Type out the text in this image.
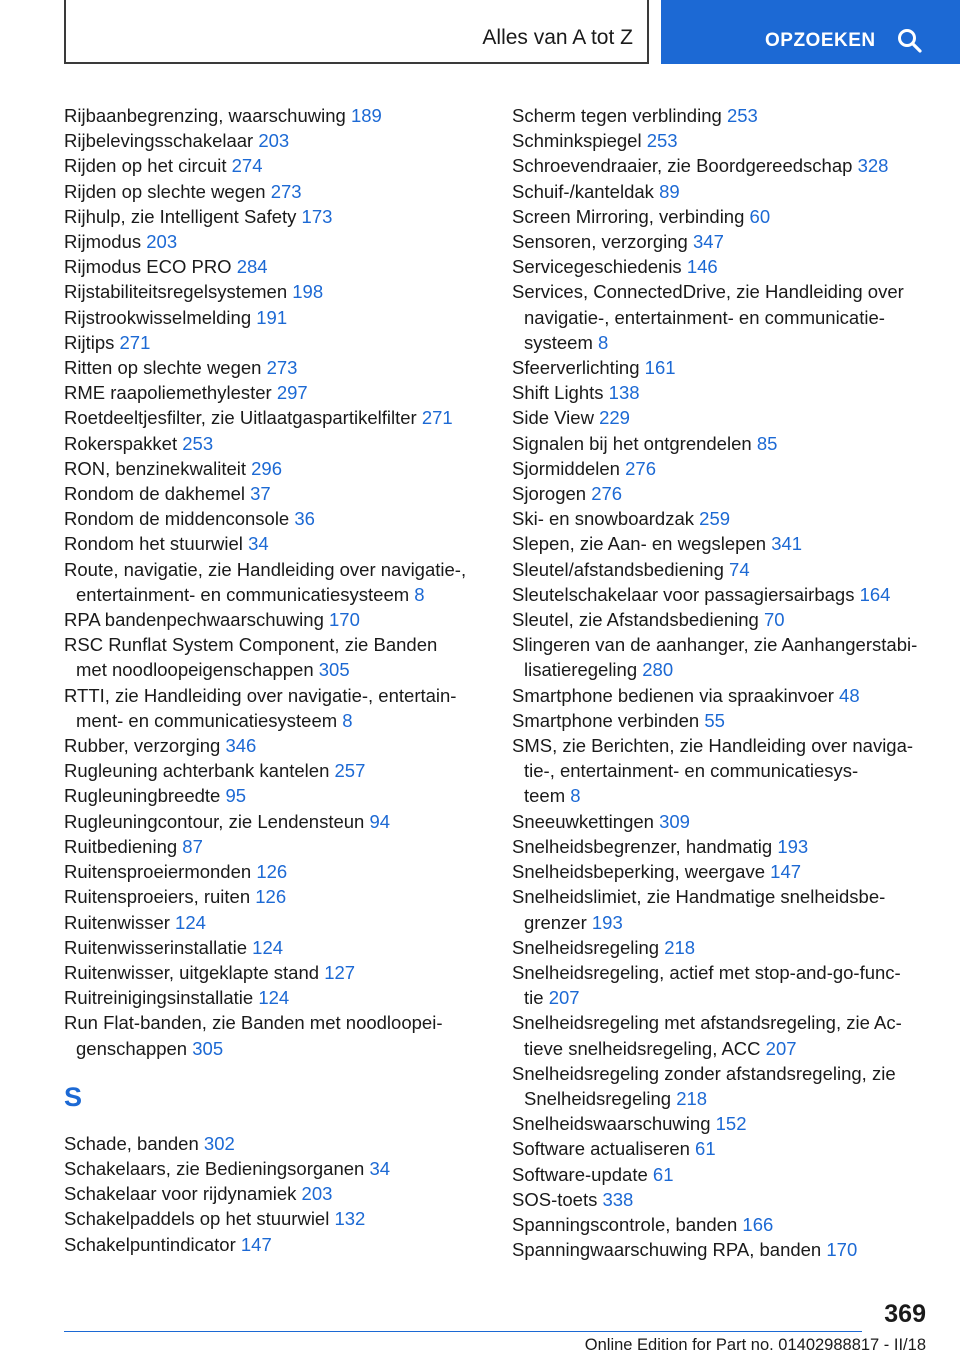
Alles van A tot Z	OPZOEKEN

Rijbaanbegrenzing, waarschuwing 189

Rijbelevingsschakelaar 203

Rijden op het circuit 274

Rijden op slechte wegen 273

Rijhulp, zie Intelligent Safety 173

Rijmodus 203

Rijmodus ECO PRO 284

Rijstabiliteitsregelsystemen 198

Rijstrookwisselmelding 191

Rijtips 271

Ritten op slechte wegen 273

RME raapoliemethylester 297

Roetdeeltjesfilter, zie Uitlaatgaspartikelfilter 271

Rokerspakket 253

RON, benzinekwaliteit 296

Rondom de dakhemel 37

Rondom de middenconsole 36

Rondom het stuurwiel 34

Route, navigatie, zie Handleiding over navigatie-,
entertainment- en communicatiesysteem 8

RPA bandenpechwaarschuwing 170

RSC Runflat System Component, zie Banden
met noodloopeigenschappen 305

RTTI, zie Handleiding over navigatie-, entertain‐
ment- en communicatiesysteem 8

Rubber, verzorging 346

Rugleuning achterbank kantelen 257

Rugleuningbreedte 95

Rugleuningcontour, zie Lendensteun 94

Ruitbediening 87

Ruitensproeiermonden 126

Ruitensproeiers, ruiten 126

Ruitenwisser 124

Ruitenwisserinstallatie 124

Ruitenwisser, uitgeklapte stand 127

Ruitreinigingsinstallatie 124

Run Flat-banden, zie Banden met noodloopei‐
genschappen 305

S

Schade, banden 302

Schakelaars, zie Bedieningsorganen 34

Schakelaar voor rijdynamiek 203

Schakelpaddels op het stuurwiel 132

Schakelpuntindicator 147

Scherm tegen verblinding 253

Schminkspiegel 253

Schroevendraaier, zie Boordgereedschap 328

Schuif-/kanteldak 89

Screen Mirroring, verbinding 60

Sensoren, verzorging 347

Servicegeschiedenis 146

Services, ConnectedDrive, zie Handleiding over
navigatie-, entertainment- en communicatie‐
systeem 8

Sfeerverlichting 161

Shift Lights 138

Side View 229

Signalen bij het ontgrendelen 85

Sjormiddelen 276

Sjorogen 276

Ski- en snowboardzak 259

Slepen, zie Aan- en wegslepen 341

Sleutel/afstandsbediening 74

Sleutelschakelaar voor passagiersairbags 164

Sleutel, zie Afstandsbediening 70

Slingeren van de aanhanger, zie Aanhangerstabi‐
lisatieregeling 280

Smartphone bedienen via spraakinvoer 48

Smartphone verbinden 55

SMS, zie Berichten, zie Handleiding over naviga‐
tie-, entertainment- en communicatiesys‐
teem 8

Sneeuwkettingen 309

Snelheidsbegrenzer, handmatig 193

Snelheidsbeperking, weergave 147

Snelheidslimiet, zie Handmatige snelheidsbe‐
grenzer 193

Snelheidsregeling 218

Snelheidsregeling, actief met stop-and-go-func‐
tie 207

Snelheidsregeling met afstandsregeling, zie Ac‐
tieve snelheidsregeling, ACC 207

Snelheidsregeling zonder afstandsregeling, zie
Snelheidsregeling 218

Snelheidswaarschuwing 152

Software actualiseren 61

Software-update 61

SOS-toets 338

Spanningscontrole, banden 166

Spanningwaarschuwing RPA, banden 170

369
Online Edition for Part no. 01402988817 - II/18
